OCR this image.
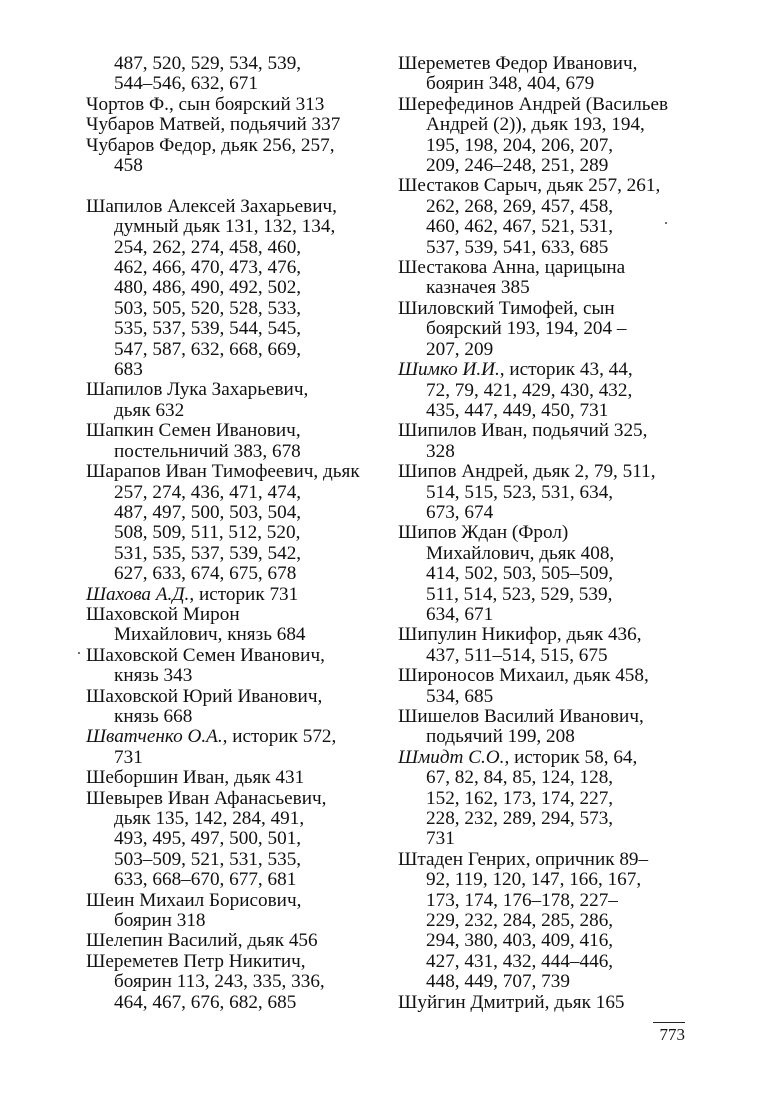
487, 520, 529, 534, 539,
544–546, 632, 671
Чортов Ф., сын боярский 313
Чубаров Матвей, подьячий 337
Чубаров Федор, дьяк 256, 257,
458
Шапилов Алексей Захарьевич,
думный дьяк 131, 132, 134,
254, 262, 274, 458, 460,
462, 466, 470, 473, 476,
480, 486, 490, 492, 502,
503, 505, 520, 528, 533,
535, 537, 539, 544, 545,
547, 587, 632, 668, 669,
683
Шапилов Лука Захарьевич,
дьяк 632
Шапкин Семен Иванович,
постельничий 383, 678
Шарапов Иван Тимофеевич, дьяк
257, 274, 436, 471, 474,
487, 497, 500, 503, 504,
508, 509, 511, 512, 520,
531, 535, 537, 539, 542,
627, 633, 674, 675, 678
Шахова А.Д., историк 731
Шаховской Мирон
Михайлович, князь 684
Шаховской Семен Иванович,
князь 343
Шаховской Юрий Иванович,
князь 668
Шватченко О.А., историк 572,
731
Шеборшин Иван, дьяк 431
Шевырев Иван Афанасьевич,
дьяк 135, 142, 284, 491,
493, 495, 497, 500, 501,
503–509, 521, 531, 535,
633, 668–670, 677, 681
Шеин Михаил Борисович,
боярин 318
Шелепин Василий, дьяк 456
Шереметев Петр Никитич,
боярин 113, 243, 335, 336,
464, 467, 676, 682, 685
Шереметев Федор Иванович,
боярин 348, 404, 679
Шерефединов Андрей (Васильев
Андрей (2)), дьяк 193, 194,
195, 198, 204, 206, 207,
209, 246–248, 251, 289
Шестаков Сарыч, дьяк 257, 261,
262, 268, 269, 457, 458,
460, 462, 467, 521, 531,
537, 539, 541, 633, 685
Шестакова Анна, царицына
казначея 385
Шиловский Тимофей, сын
боярский 193, 194, 204 –
207, 209
Шимко И.И., историк 43, 44,
72, 79, 421, 429, 430, 432,
435, 447, 449, 450, 731
Шипилов Иван, подьячий 325,
328
Шипов Андрей, дьяк 2, 79, 511,
514, 515, 523, 531, 634,
673, 674
Шипов Ждан (Фрол)
Михайлович, дьяк 408,
414, 502, 503, 505–509,
511, 514, 523, 529, 539,
634, 671
Шипулин Никифор, дьяк 436,
437, 511–514, 515, 675
Широносов Михаил, дьяк 458,
534, 685
Шишелов Василий Иванович,
подьячий 199, 208
Шмидт С.О., историк 58, 64,
67, 82, 84, 85, 124, 128,
152, 162, 173, 174, 227,
228, 232, 289, 294, 573,
731
Штаден Генрих, опричник 89–
92, 119, 120, 147, 166, 167,
173, 174, 176–178, 227–
229, 232, 284, 285, 286,
294, 380, 403, 409, 416,
427, 431, 432, 444–446,
448, 449, 707, 739
Шуйгин Дмитрий, дьяк 165
773
